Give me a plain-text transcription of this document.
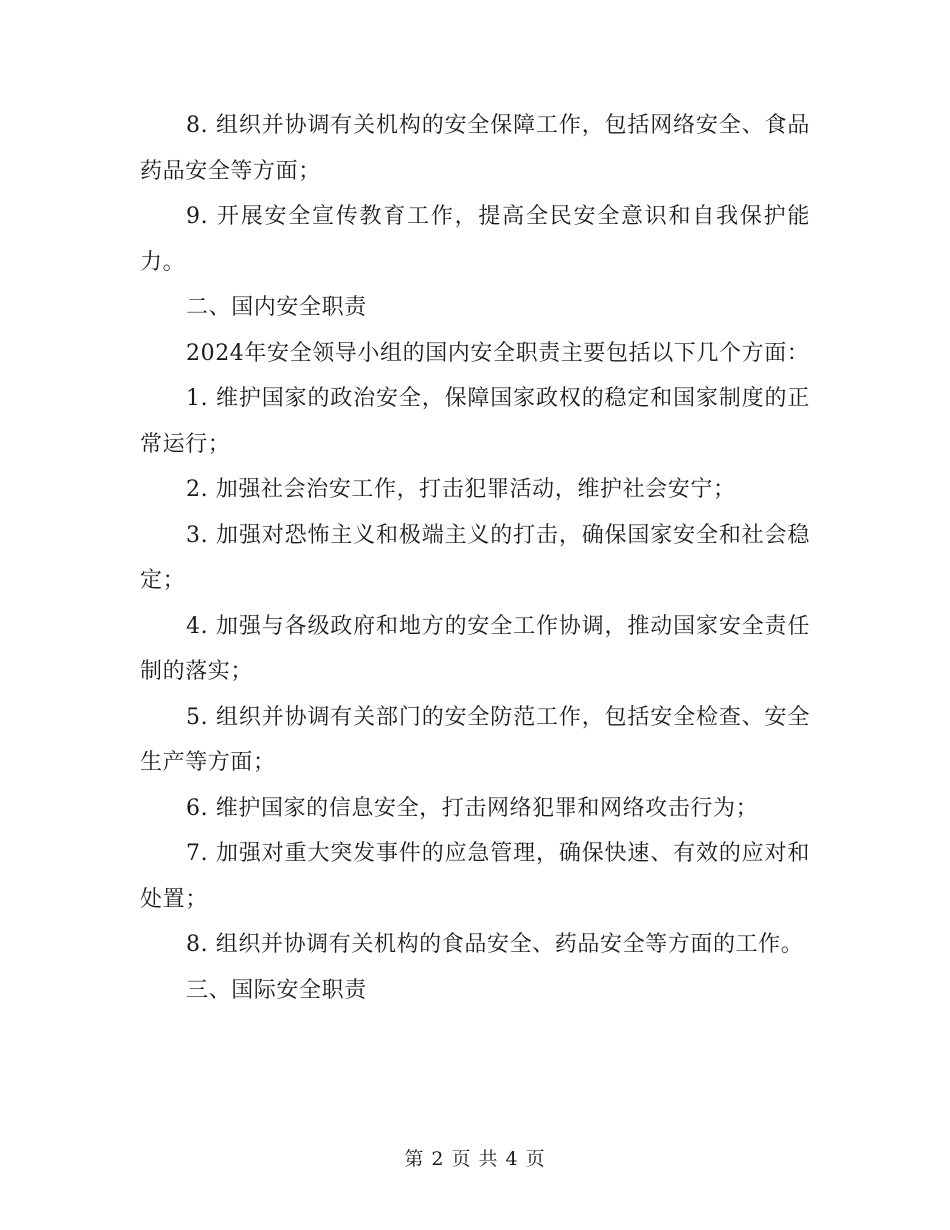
8. 组织并协调有关机构的安全保障工作，包括网络安全、食品药品安全等方面；

9. 开展安全宣传教育工作，提高全民安全意识和自我保护能力。

二、国内安全职责

2024年安全领导小组的国内安全职责主要包括以下几个方面：

1. 维护国家的政治安全，保障国家政权的稳定和国家制度的正常运行；

2. 加强社会治安工作，打击犯罪活动，维护社会安宁；

3. 加强对恐怖主义和极端主义的打击，确保国家安全和社会稳定；

4. 加强与各级政府和地方的安全工作协调，推动国家安全责任制的落实；

5. 组织并协调有关部门的安全防范工作，包括安全检查、安全生产等方面；

6. 维护国家的信息安全，打击网络犯罪和网络攻击行为；

7. 加强对重大突发事件的应急管理，确保快速、有效的应对和处置；

8. 组织并协调有关机构的食品安全、药品安全等方面的工作。

三、国际安全职责

第 2 页 共 4 页
